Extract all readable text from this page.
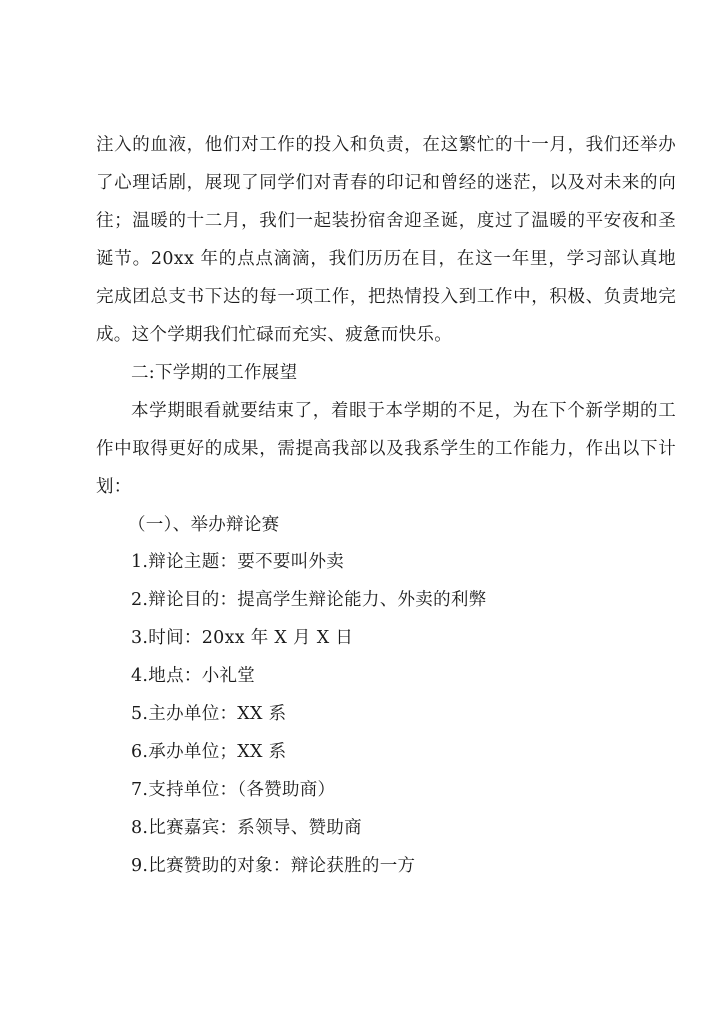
注入的血液，他们对工作的投入和负责，在这繁忙的十一月，我们还举办
了心理话剧，展现了同学们对青春的印记和曾经的迷茫，以及对未来的向
往；温暖的十二月，我们一起装扮宿舍迎圣诞，度过了温暖的平安夜和圣
诞节。20xx 年的点点滴滴，我们历历在目，在这一年里，学习部认真地
完成团总支书下达的每一项工作，把热情投入到工作中，积极、负责地完
成。这个学期我们忙碌而充实、疲惫而快乐。
二:下学期的工作展望
本学期眼看就要结束了，着眼于本学期的不足，为在下个新学期的工
作中取得更好的成果，需提高我部以及我系学生的工作能力，作出以下计
划：
（一）、举办辩论赛
1.辩论主题：要不要叫外卖
2.辩论目的：提高学生辩论能力、外卖的利弊
3.时间：20xx 年 X 月 X 日
4.地点：小礼堂
5.主办单位：XX 系
6.承办单位；XX 系
7.支持单位：（各赞助商）
8.比赛嘉宾：系领导、赞助商
9.比赛赞助的对象：辩论获胜的一方
